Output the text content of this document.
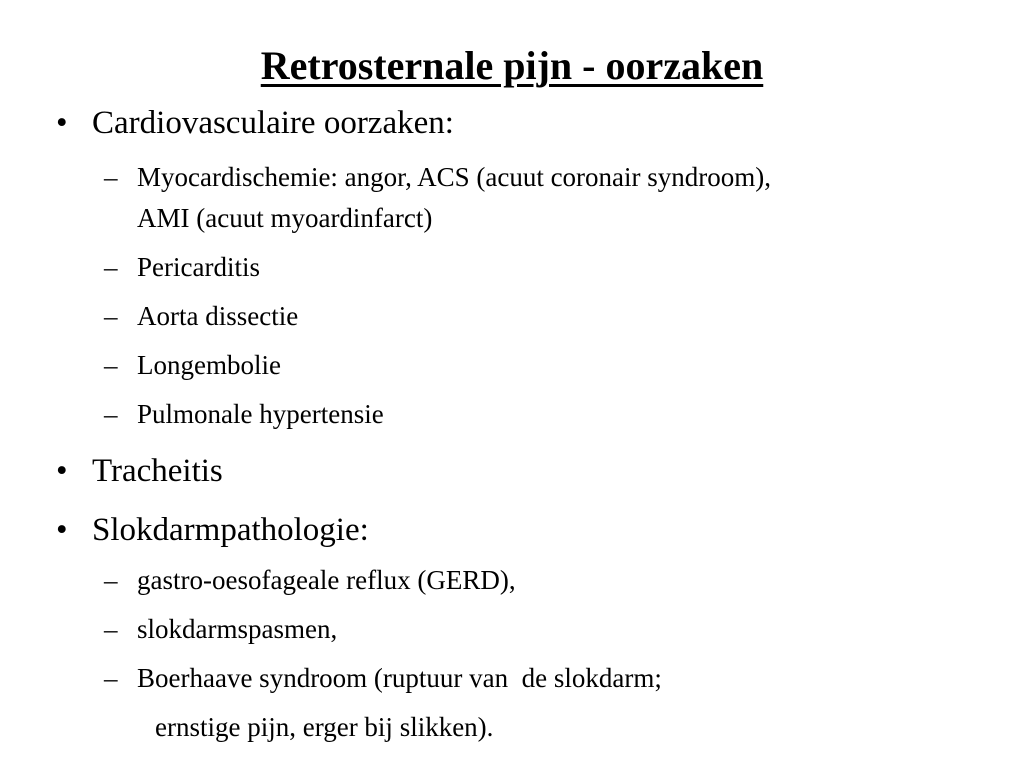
Retrosternale pijn - oorzaken
• Cardiovasculaire oorzaken:
– Myocardischemie: angor, ACS (acuut coronair syndroom),
AMI (acuut myoardinfarct)
– Pericarditis
– Aorta dissectie
– Longembolie
– Pulmonale hypertensie
• Tracheitis
• Slokdarmpathologie:
– gastro-oesofageale reflux (GERD),
– slokdarmspasmen,
– Boerhaave syndroom (ruptuur van  de slokdarm;
ernstige pijn, erger bij slikken).
